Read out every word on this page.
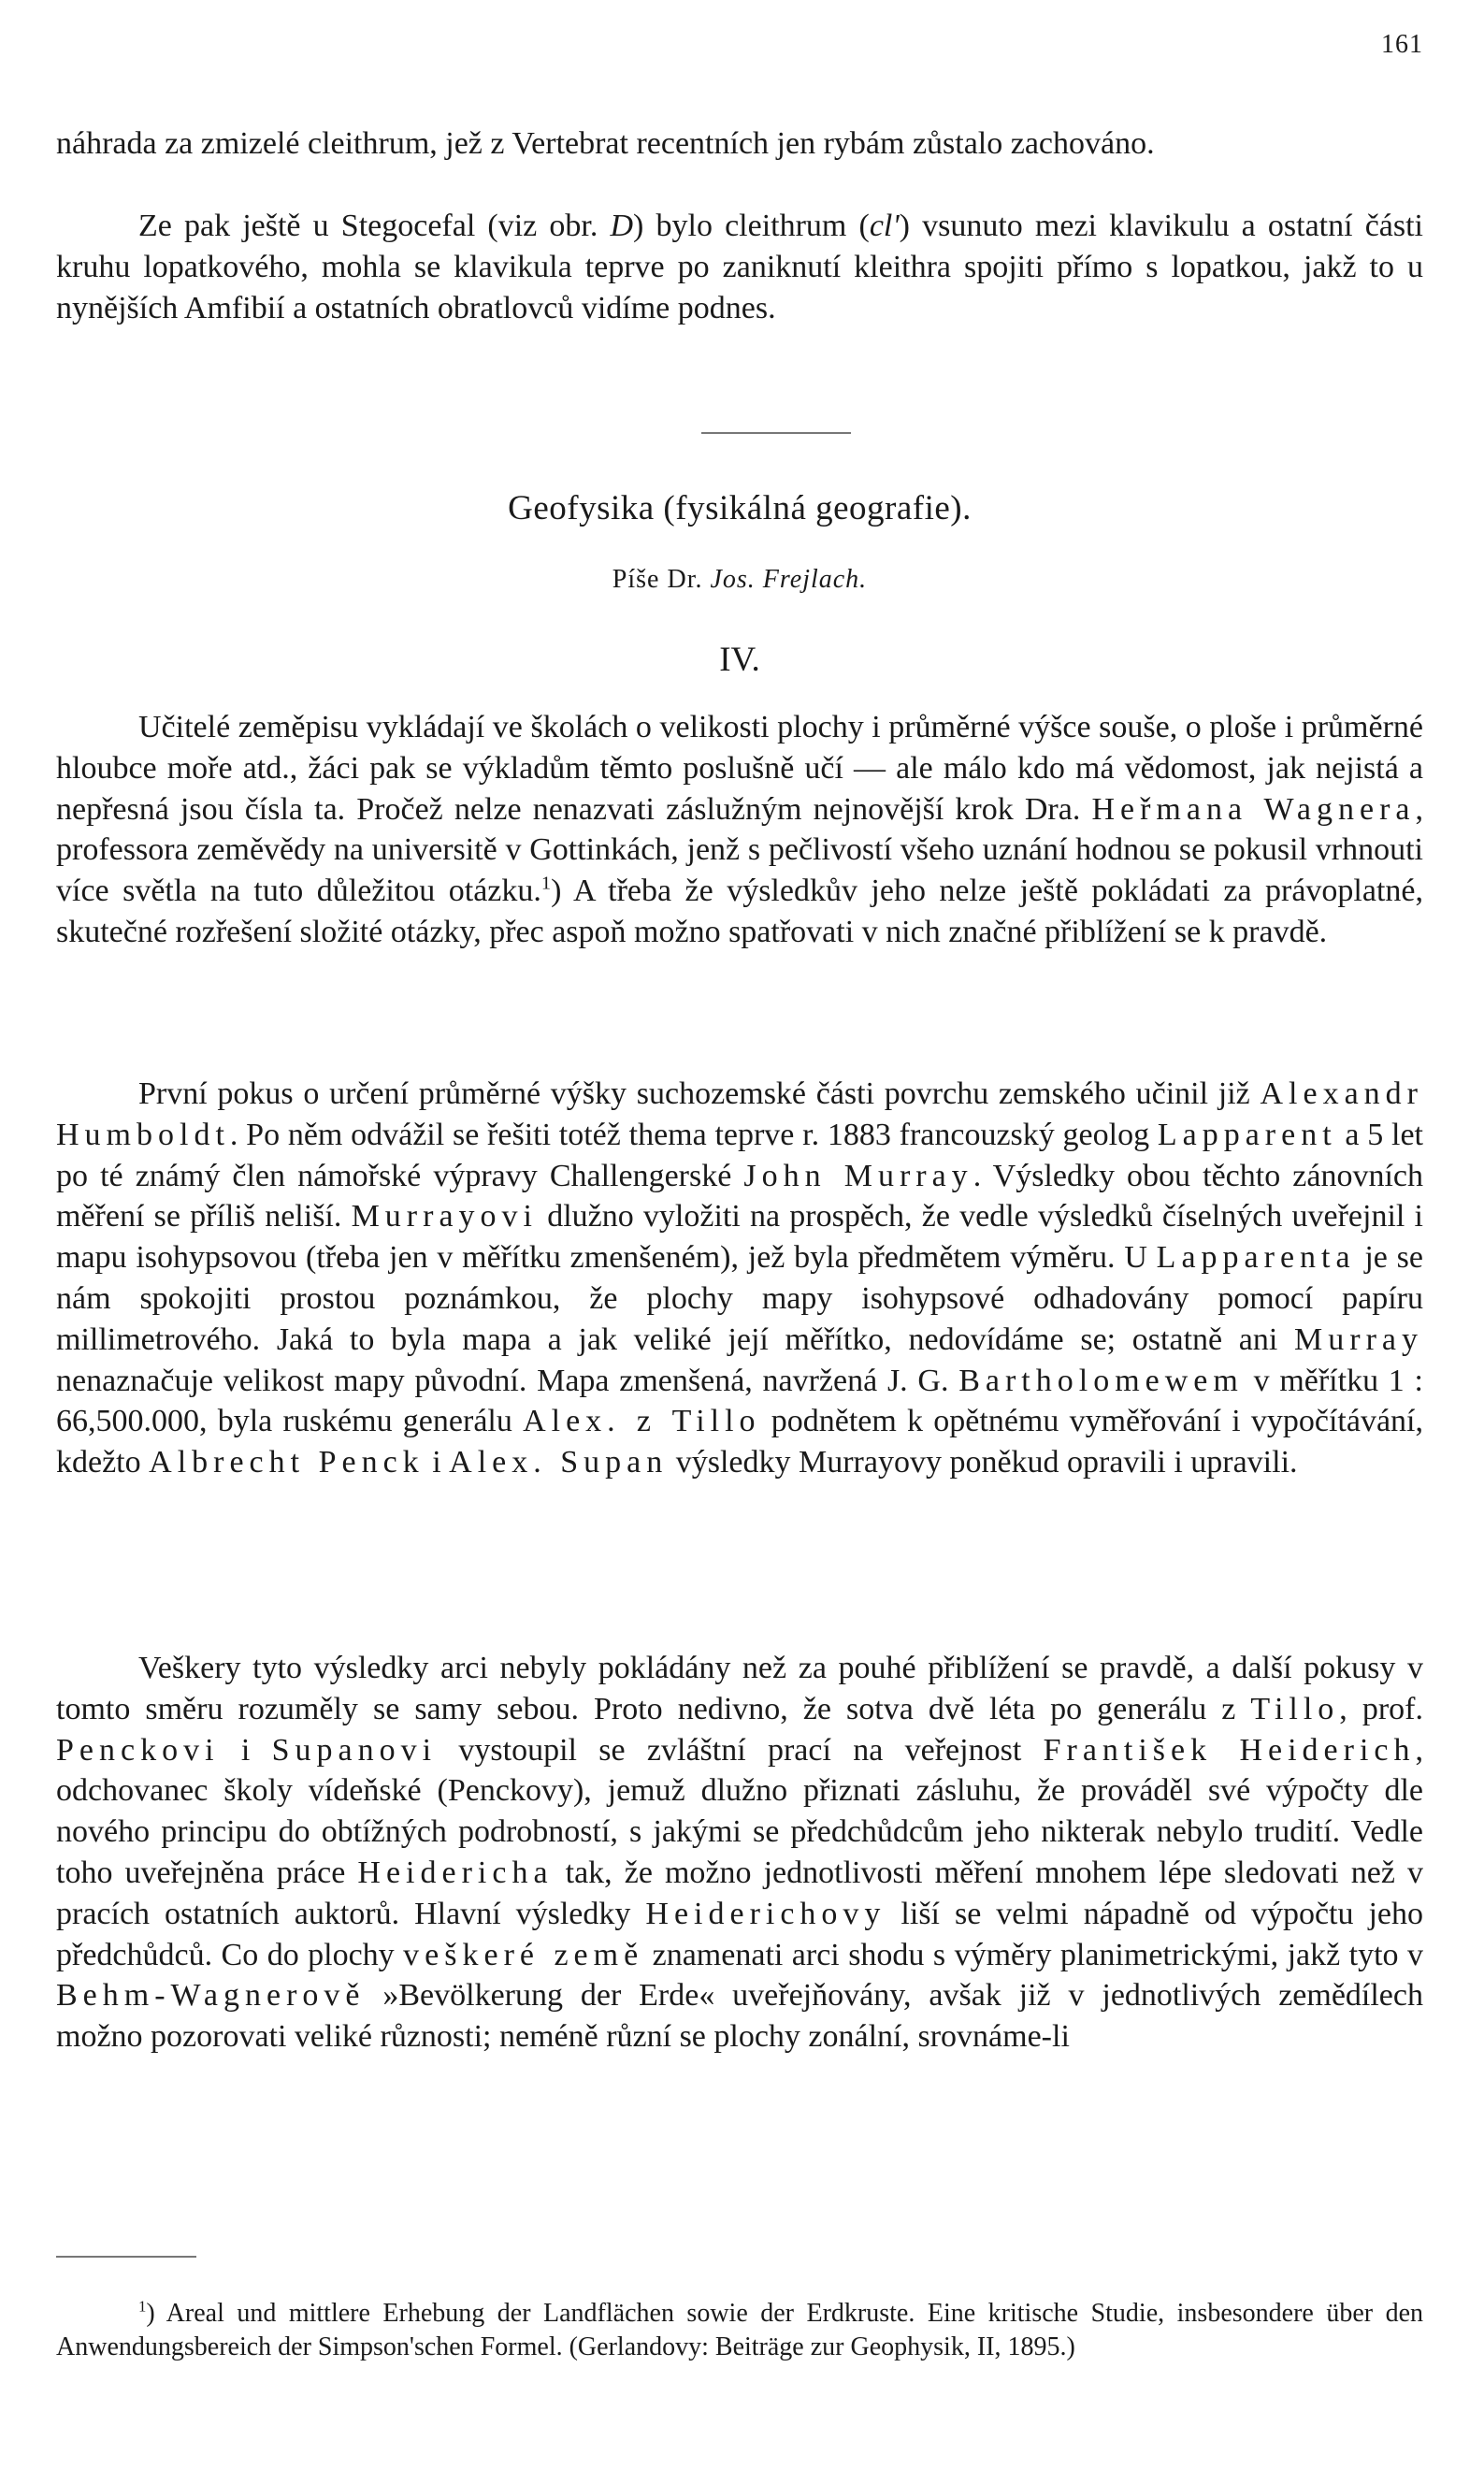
161

náhrada za zmizelé cleithrum, jež z Vertebrat recentních jen rybám zůstalo zachováno.

Ze pak ještě u Stegocefal (viz obr. D) bylo cleithrum (cl') vsunuto mezi klavikulu a ostatní části kruhu lopatkového, mohla se klavikula teprve po zaniknutí kleithra spojiti přímo s lopatkou, jakž to u nynějších Amfibií a ostatních obratlovců vidíme podnes.

Geofysika (fysikálná geografie).
Píše Dr. Jos. Frejlach.
IV.

Učitelé zeměpisu vykládají ve školách o velikosti plochy i průměrné výšce souše, o ploše i průměrné hloubce moře atd., žáci pak se výkladům těmto poslušně učí — ale málo kdo má vědomost, jak nejistá a nepřesná jsou čísla ta. Pročež nelze nenazvati záslužným nejnovější krok Dra. Heřmana Wagnera, professora zeměvědy na universitě v Gottinkách, jenž s pečlivostí všeho uznání hodnou se pokusil vrhnouti více světla na tuto důležitou otázku.$^1$) A třeba že výsledkův jeho nelze ještě pokládati za právoplatné, skutečné rozřešení složité otázky, přec aspoň možno spatřovati v nich značné přiblížení se k pravdě.

První pokus o určení průměrné výšky suchozemské části povrchu zemského učinil již Alexandr Humboldt. Po něm odvážil se řešiti totéž thema teprve r. 1883 francouzský geolog Lapparent a 5 let po té známý člen námořské výpravy Challengerské John Murray. Výsledky obou těchto zánovních měření se příliš neliší. Murrayovi dlužno vyložiti na prospěch, že vedle výsledků číselných uveřejnil i mapu isohypsovou (třeba jen v měřítku zmenšeném), jež byla předmětem výměru. U Lapparenta je se nám spokojiti prostou poznámkou, že plochy mapy isohypsové odhadovány pomocí papíru millimetrového. Jaká to byla mapa a jak veliké její měřítko, nedovídáme se; ostatně ani Murray nenaznačuje velikost mapy původní. Mapa zmenšená, navržená J. G. Bartholomewem v měřítku 1 : 66,500.000, byla ruskému generálu Alex. z Tillo podnětem k opětnému vyměřování i vypočítávání, kdežto Albrecht Penck i Alex. Supan výsledky Murrayovy poněkud opravili i upravili.

Veškery tyto výsledky arci nebyly pokládány než za pouhé přiblížení se pravdě, a další pokusy v tomto směru rozuměly se samy sebou. Proto nedivno, že sotva dvě léta po generálu z Tillo, prof. Penckovi i Supanovi vystoupil se zvláštní prací na veřejnost František Heiderich, odchovanec školy vídeňské (Penckovy), jemuž dlužno přiznati zásluhu, že prováděl své výpočty dle nového principu do obtížných podrobností, s jakými se předchůdcům jeho nikterak nebylo trudití. Vedle toho uveřejněna práce Heidericha tak, že možno jednotlivosti měření mnohem lépe sledovati než v pracích ostatních auktorů. Hlavní výsledky Heiderichovy liší se velmi nápadně od výpočtu jeho předchůdců. Co do plochy veškeré země znamenati arci shodu s výměry planimetrickými, jakž tyto v Behm-Wagnerově »Bevölkerung der Erde« uveřejňovány, avšak již v jednotlivých zemědílech možno pozorovati veliké různosti; neméně různí se plochy zonální, srovnáme-li

$^1$) Areal und mittlere Erhebung der Landflächen sowie der Erdkruste. Eine kritische Studie, insbesondere über den Anwendungsbereich der Simpson'schen Formel. (Gerlandovy: Beiträge zur Geophysik, II, 1895.)
